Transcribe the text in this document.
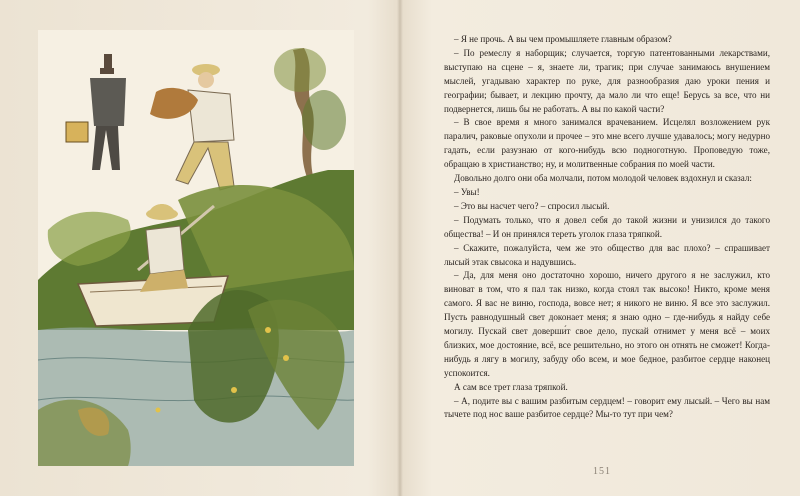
– Я не прочь. А вы чем промышляете главным образом?

– По ремеслу я наборщик; случается, торгую патентованными лекарствами, выступаю на сцене – я, знаете ли, трагик; при случае занимаюсь внушением мыслей, угадываю характер по руке, для разнообразия даю уроки пения и географии; бывает, и лекцию прочту, да мало ли что еще! Берусь за все, что ни подвернется, лишь бы не работать. А вы по какой части?

– В свое время я много занимался врачеванием. Исцелял возложением рук паралич, раковые опухоли и прочее – это мне всего лучше удавалось; могу недурно гадать, если разузнаю от кого-нибудь всю подноготную. Проповедую тоже, обращаю в христианство; ну, и молитвенные собрания по моей части.

Довольно долго они оба молчали, потом молодой человек вздохнул и сказал:

– Увы!

– Это вы насчет чего? – спросил лысый.

– Подумать только, что я довел себя до такой жизни и унизился до такого общества! – И он принялся тереть уголок глаза тряпкой.

– Скажите, пожалуйста, чем же это общество для вас плохо? – спрашивает лысый этак свысока и надувшись.

– Да, для меня оно достаточно хорошо, ничего другого я не заслужил, кто виноват в том, что я пал так низко, когда стоял так высоко! Никто, кроме меня самого. Я вас не виню, господа, вовсе нет; я никого не виню. Я все это заслужил. Пусть равнодушный свет доконает меня; я знаю одно – где-нибудь я найду себе могилу. Пускай свет доверши́т свое дело, пускай отнимет у меня всё – моих близких, мое достояние, всё, все решительно, но этого он отнять не сможет! Когда-нибудь я лягу в могилу, забуду обо всем, и мое бедное, разбитое сердце наконец успокоится.

А сам все трет глаза тряпкой.

– А, подите вы с вашим разбитым сердцем! – говорит ему лысый. – Чего вы нам тычете под нос ваше разбитое сердце? Мы-то тут при чем?

151
